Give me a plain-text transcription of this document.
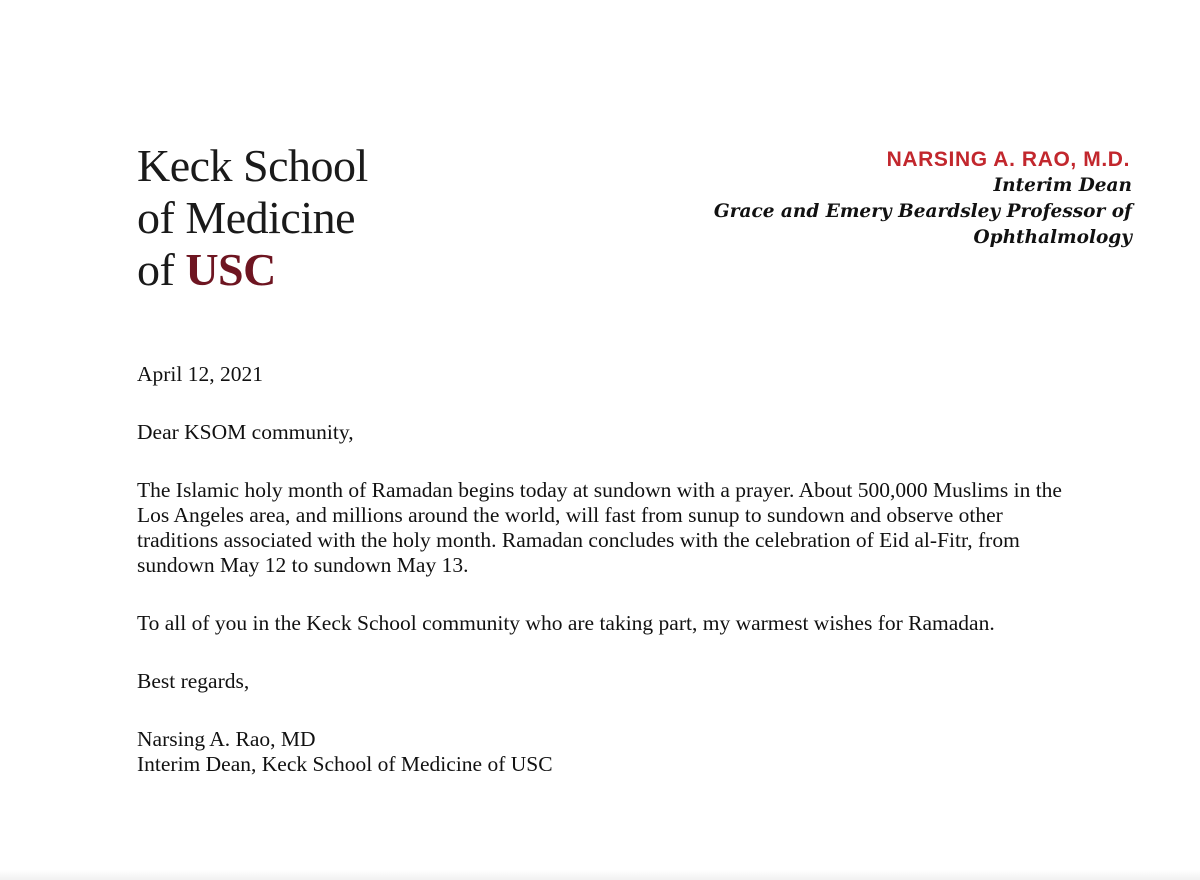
Keck School
of Medicine
of USC
NARSING A. RAO, M.D.
Interim Dean
Grace and Emery Beardsley Professor of
Ophthalmology

April 12, 2021

Dear KSOM community,

The Islamic holy month of Ramadan begins today at sundown with a prayer. About 500,000 Muslims in the Los Angeles area, and millions around the world, will fast from sunup to sundown and observe other traditions associated with the holy month. Ramadan concludes with the celebration of Eid al-Fitr, from sundown May 12 to sundown May 13.

To all of you in the Keck School community who are taking part, my warmest wishes for Ramadan.

Best regards,

Narsing A. Rao, MD
Interim Dean, Keck School of Medicine of USC
